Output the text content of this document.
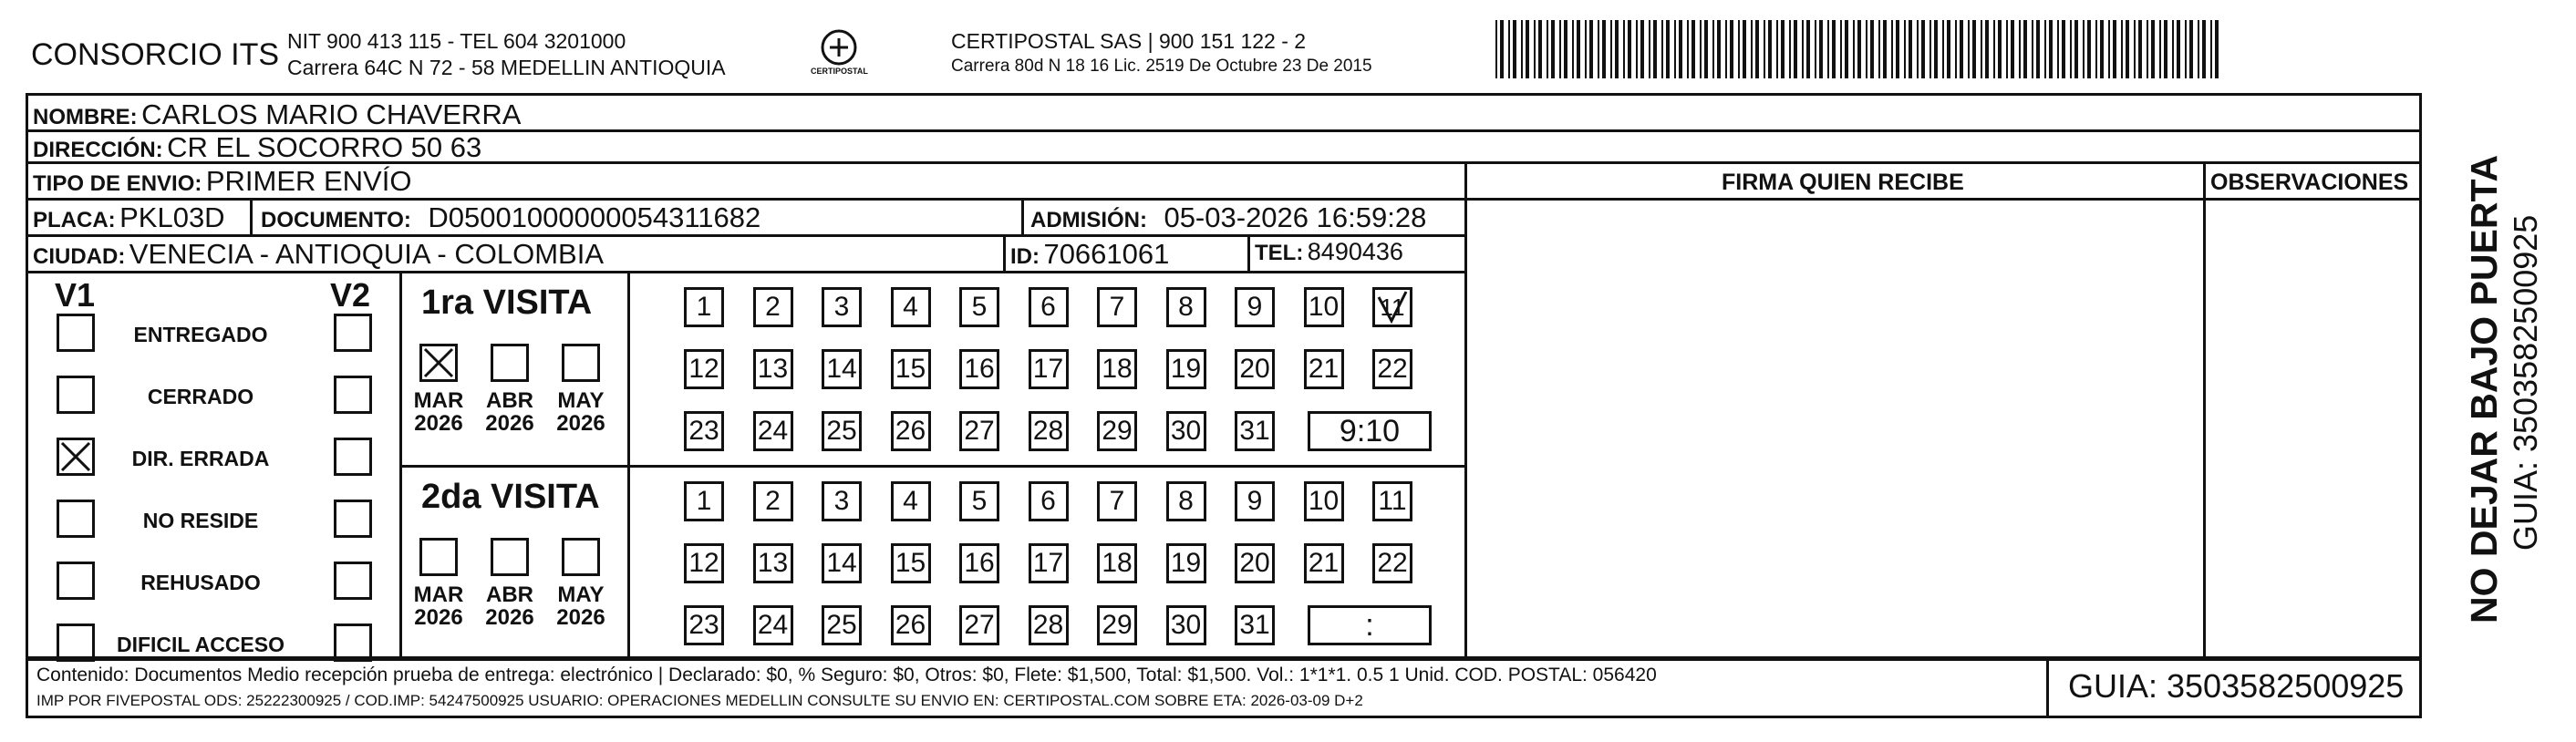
CONSORCIO ITS NIT 900 413 115 - TEL 604 3201000
Carrera 64C N 72 - 58 MEDELLIN ANTIOQUIA	CERTIPOSTAL
CERTIPOSTAL SAS | 900 151 122 - 2
Carrera 80d N 18 16 Lic. 2519 De Octubre 23 De 2015
NOMBRE: CARLOS MARIO CHAVERRA
DIRECCIÓN: CR EL SOCORRO 50 63
TIPO DE ENVIO: PRIMER ENVÍO
PLACA: PKL03D DOCUMENTO: D05001000000054311682	ADMISIÓN: 05-03-2026 16:59:28
CIUDAD: VENECIA - ANTIOQUIA - COLOMBIA	ID: 70661061	TEL: 8490436
FIRMA QUIEN RECIBE	OBSERVACIONES
V1	V2
ENTREGADO
CERRADO
DIR. ERRADA
NO RESIDE
REHUSADO
DIFICIL ACCESO
1ra VISITA
MAR
2026
ABR
2026
MAY
2026
1	2	3	4	5	6	7	8	9	10	11
12 13 14 15 16 17 18 19 20 21 22
23 24 25 26 27 28 29 30 31	9:10
2da VISITA
MAR
2026
ABR
2026
MAY
2026
1	2	3	4	5	6	7	8	9	10 11
12 13 14 15 16 17 18 19 20 21 22
23 24 25 26 27 28 29 30 31	:
Contenido: Documentos Medio recepción prueba de entrega: electrónico | Declarado: $0, % Seguro: $0, Otros: $0, Flete: $1,500, Total: $1,500. Vol.: 1*1*1. 0.5 1 Unid. COD. POSTAL: 056420
IMP POR FIVEPOSTAL ODS: 25222300925 / COD.IMP: 54247500925 USUARIO: OPERACIONES MEDELLIN CONSULTE SU ENVIO EN: CERTIPOSTAL.COM SOBRE ETA: 2026-03-09 D+2	GUIA: 3503582500925
NO DEJAR BAJO PUERTA GUIA: 3503582500925
